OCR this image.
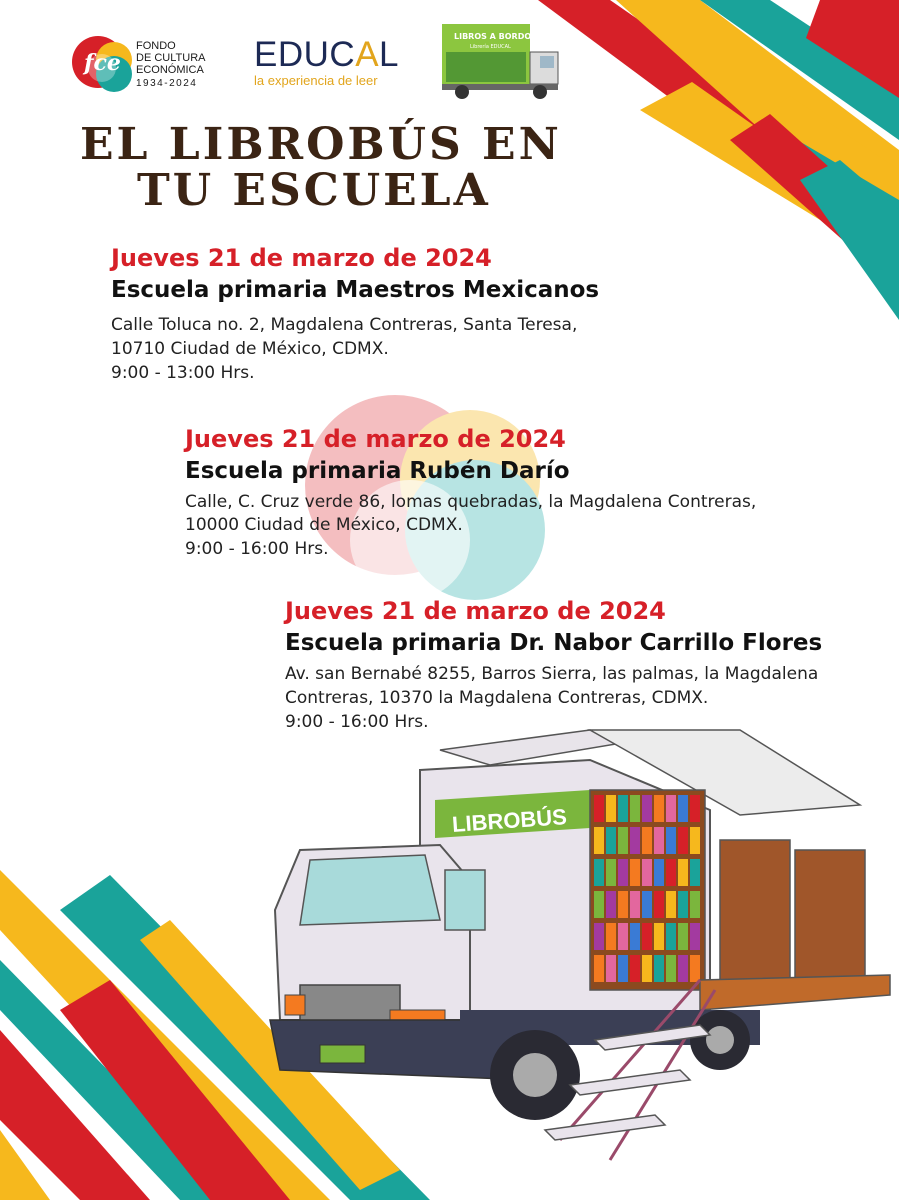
fce
FONDO
DE CULTURA
ECONÓMICA
1934-2024
EDUCAL
la experiencia de leer
LIBROS A BORDO
Librería EDUCAL
EL LIBROBÚS EN
TU ESCUELA
Jueves 21 de marzo de 2024
Escuela primaria Maestros Mexicanos
Calle Toluca no. 2, Magdalena Contreras, Santa Teresa,
10710 Ciudad de México, CDMX.
9:00 - 13:00 Hrs.
Jueves 21 de marzo de 2024
Escuela primaria Rubén Darío
Calle, C. Cruz verde 86, lomas quebradas, la Magdalena Contreras,
10000 Ciudad de México, CDMX.
9:00 - 16:00 Hrs.
Jueves 21 de marzo de 2024
Escuela primaria Dr. Nabor Carrillo Flores
Av. san Bernabé 8255, Barros Sierra, las palmas, la Magdalena
Contreras, 10370 la Magdalena Contreras, CDMX.
9:00 - 16:00 Hrs.
LIBROBÚS
